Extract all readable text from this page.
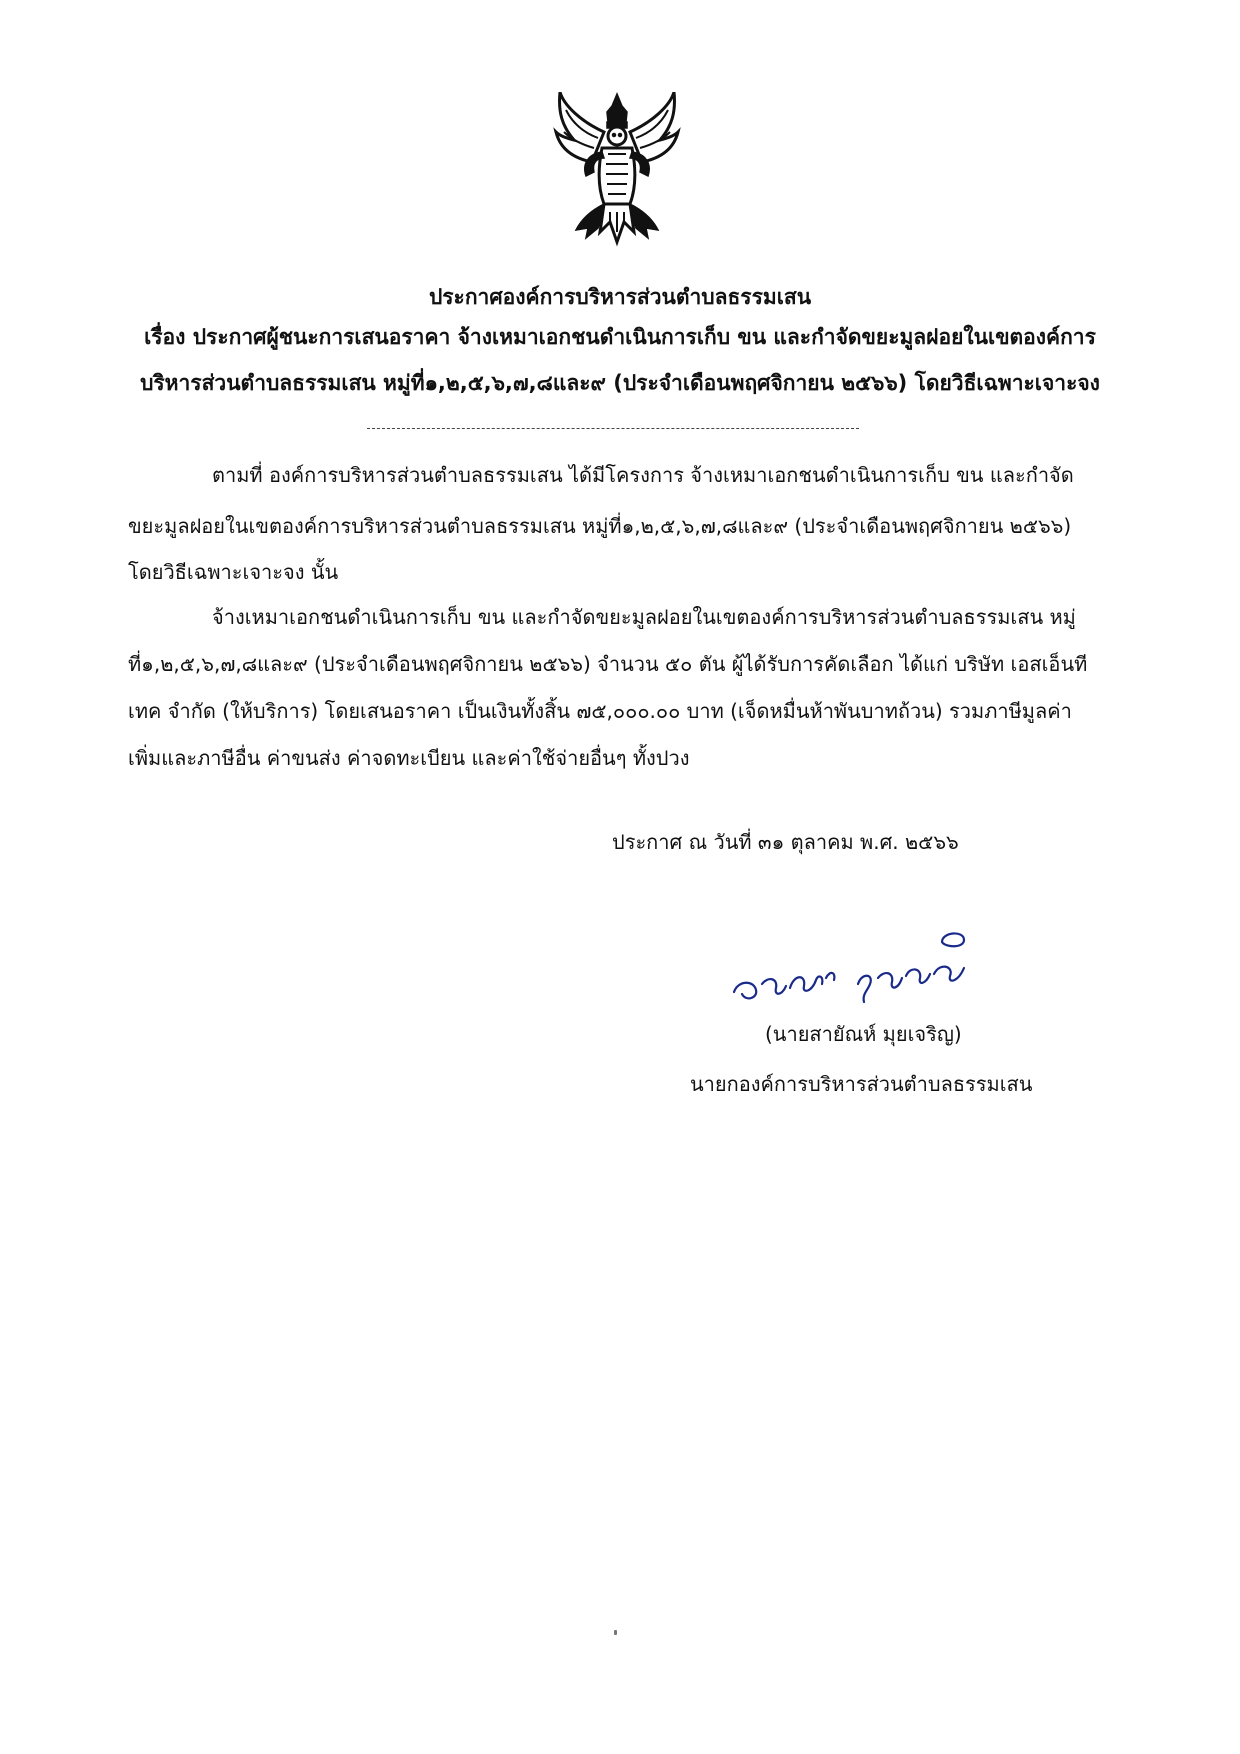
ประกาศองค์การบริหารส่วนตำบลธรรมเสน
เรื่อง ประกาศผู้ชนะการเสนอราคา จ้างเหมาเอกชนดำเนินการเก็บ ขน และกำจัดขยะมูลฝอยในเขตองค์การ
บริหารส่วนตำบลธรรมเสน หมู่ที่๑,๒,๕,๖,๗,๘และ๙ (ประจำเดือนพฤศจิกายน ๒๕๖๖) โดยวิธีเฉพาะเจาะจง
ตามที่ องค์การบริหารส่วนตำบลธรรมเสน ได้มีโครงการ จ้างเหมาเอกชนดำเนินการเก็บ ขน และกำจัด
ขยะมูลฝอยในเขตองค์การบริหารส่วนตำบลธรรมเสน หมู่ที่๑,๒,๕,๖,๗,๘และ๙ (ประจำเดือนพฤศจิกายน ๒๕๖๖)
โดยวิธีเฉพาะเจาะจง นั้น
จ้างเหมาเอกชนดำเนินการเก็บ ขน และกำจัดขยะมูลฝอยในเขตองค์การบริหารส่วนตำบลธรรมเสน หมู่
ที่๑,๒,๕,๖,๗,๘และ๙ (ประจำเดือนพฤศจิกายน ๒๕๖๖) จำนวน ๕๐ ตัน ผู้ได้รับการคัดเลือก ได้แก่ บริษัท เอสเอ็นที
เทค จำกัด (ให้บริการ) โดยเสนอราคา เป็นเงินทั้งสิ้น ๗๕,๐๐๐.๐๐ บาท (เจ็ดหมื่นห้าพันบาทถ้วน) รวมภาษีมูลค่า
เพิ่มและภาษีอื่น ค่าขนส่ง ค่าจดทะเบียน และค่าใช้จ่ายอื่นๆ ทั้งปวง
ประกาศ ณ วันที่ ๓๑ ตุลาคม พ.ศ. ๒๕๖๖
(นายสายัณห์ มุยเจริญ)
นายกองค์การบริหารส่วนตำบลธรรมเสน
